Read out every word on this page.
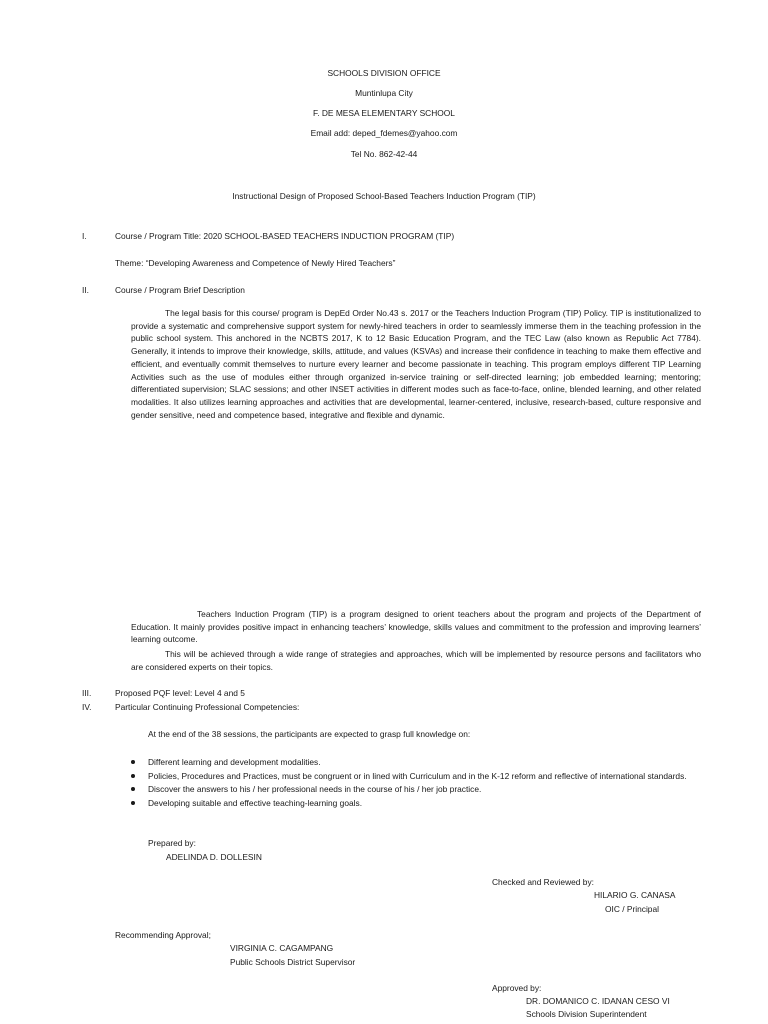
SCHOOLS DIVISION OFFICE
Muntinlupa City
F. DE MESA ELEMENTARY SCHOOL
Email add: deped_fdemes@yahoo.com
Tel No. 862-42-44
Instructional Design of Proposed School-Based Teachers Induction Program (TIP)
I.	Course / Program Title: 2020 SCHOOL-BASED TEACHERS INDUCTION PROGRAM (TIP)
Theme: “Developing Awareness and Competence of Newly Hired Teachers”
II.	Course / Program Brief Description
The legal basis for this course/ program is DepEd Order No.43 s. 2017 or the Teachers Induction Program (TIP) Policy. TIP is institutionalized to provide a systematic and comprehensive support system for newly-hired teachers in order to seamlessly immerse them in the teaching profession in the public school system. This anchored in the NCBTS 2017, K to 12 Basic Education Program, and the TEC Law (also known as Republic Act 7784). Generally, it intends to improve their knowledge, skills, attitude, and values (KSVAs) and increase their confidence in teaching to make them effective and efficient, and eventually commit themselves to nurture every learner and become passionate in teaching. This program employs different TIP Learning Activities such as the use of modules either through organized in-service training or self-directed learning; job embedded learning; mentoring; differentiated supervision; SLAC sessions; and other INSET activities in different modes such as face-to-face, online, blended learning, and other related modalities. It also utilizes learning approaches and activities that are developmental, learner-centered, inclusive, research-based, culture responsive and gender sensitive, need and competence based, integrative and flexible and dynamic.
Teachers Induction Program (TIP) is a program designed to orient teachers about the program and projects of the Department of Education. It mainly provides positive impact in enhancing teachers’ knowledge, skills values and commitment to the profession and improving learners’ learning outcome.
This will be achieved through a wide range of strategies and approaches, which will be implemented by resource persons and facilitators who are considered experts on their topics.
III.	Proposed PQF level: Level 4 and 5
IV.	Particular Continuing Professional Competencies:
At the end of the 38 sessions, the participants are expected to grasp full knowledge on:
Different learning and development modalities.
Policies, Procedures and Practices, must be congruent or in lined with Curriculum and in the K-12 reform and reflective of international standards.
Discover the answers to his / her professional needs in the course of his / her job practice.
Developing suitable and effective teaching-learning goals.
Prepared by:
ADELINDA D. DOLLESIN
Checked and Reviewed by:
HILARIO G. CANASA
OIC / Principal
Recommending Approval;
VIRGINIA C. CAGAMPANG
Public Schools District Supervisor
Approved by:
DR. DOMANICO C. IDANAN CESO VI
Schools Division Superintendent
